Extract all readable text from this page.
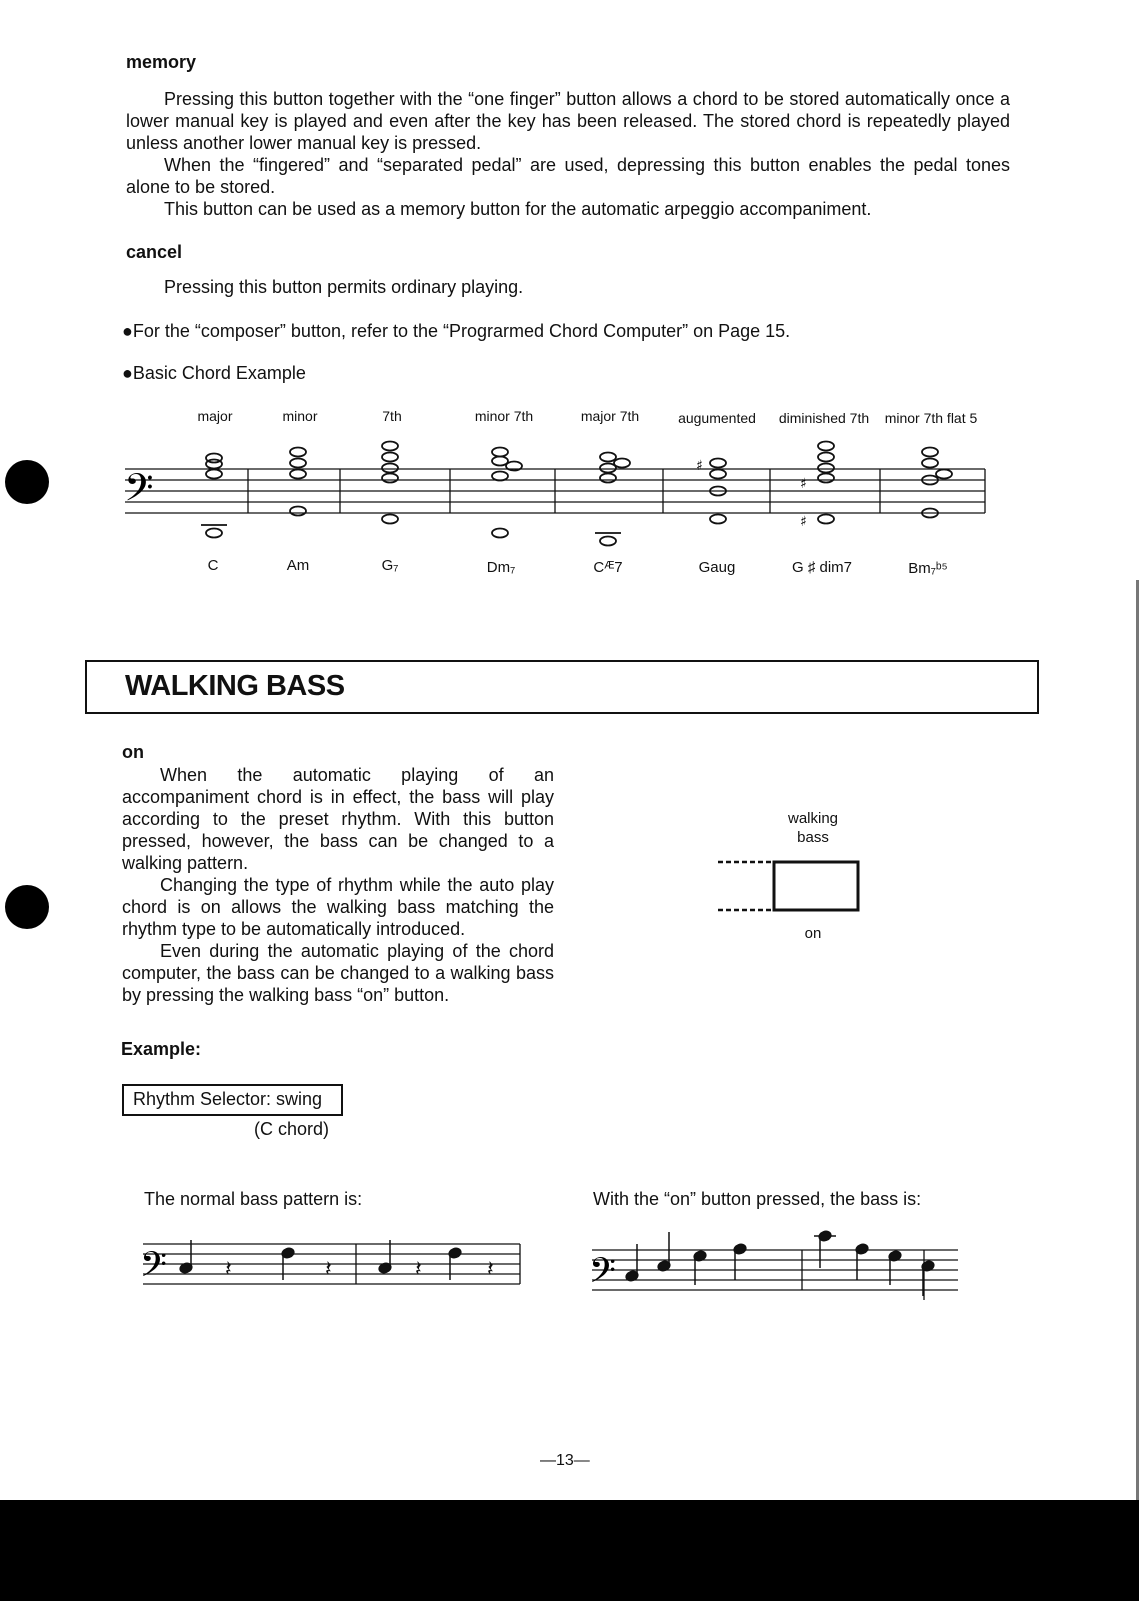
memory

Pressing this button together with the “one finger” button allows a chord to be stored automatically once a lower manual key is played and even after the key has been released. The stored chord is repeatedly played unless another lower manual key is pressed.

When the “fingered” and “separated pedal” are used, depressing this button enables the pedal tones alone to be stored.

This button can be used as a memory button for the automatic arpeggio accompaniment.

cancel
Pressing this button permits ordinary playing.
●For the “composer” button, refer to the “Prograrmed Chord Computer” on Page 15.
●Basic Chord Example
major	minor	7th	minor 7th	major 7th	augumented	diminished 7th	minor 7th flat 5
𝄢	♯
♯
♯
C	Am	G₇	Dm₇	Cᴭ7	Gaug	G ♯ dim7	Bm₇ᵇ⁵
WALKING BASS
on

When the automatic playing of an accompaniment chord is in effect, the bass will play according to the preset rhythm. With this button pressed, however, the bass can be changed to a walking pattern.

Changing the type of rhythm while the auto play chord is on allows the walking bass matching the rhythm type to be automatically introduced.

Even during the automatic playing of the chord computer, the bass can be changed to a walking bass by pressing the walking bass “on” button.

walking
bass
on
Example:
Rhythm Selector: swing
(C chord)
The normal bass pattern is:	With the “on” button pressed, the bass is:
𝄢	𝄽	𝄽	𝄽	𝄽 𝄢
—13—
